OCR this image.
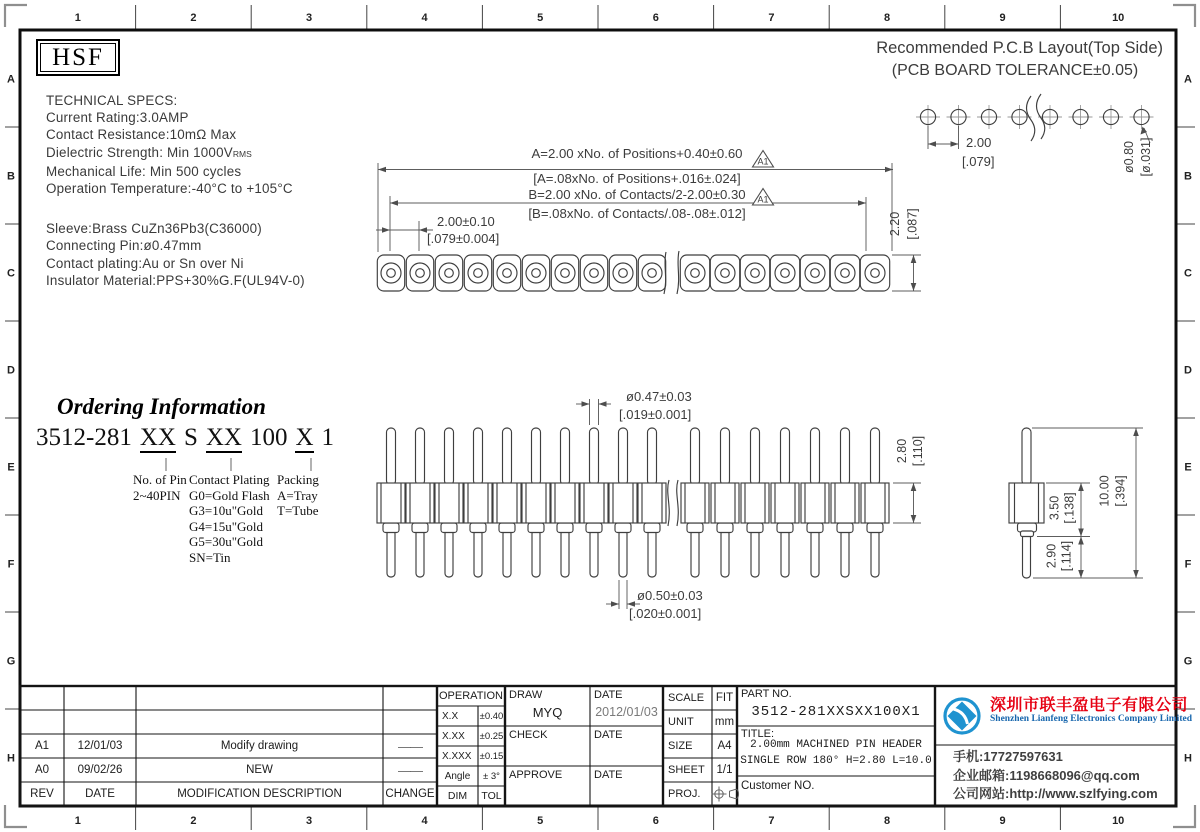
1
1
2
2
3
3
4
4
5
5
6
6
7
7
8
8
9
9
10
10
A	A
B	B
C	C
D	D
E	E
F	F
G	G
H	H
Recommended P.C.B Layout(Top Side)
(PCB BOARD TOLERANCE±0.05)
2.00
[.079]	ø0.80 [ø.031]
A=2.00 xNo. of Positions+0.40±0.60
[A=.08xNo. of Positions+.016±.024]
B=2.00 xNo. of Contacts/2-2.00±0.30
[B=.08xNo. of Contacts/.08-.08±.012]
A1
A1
2.00±0.10
[.079±0.004]
2.20 [.087]
ø0.47±0.03
[.019±0.001]
2.80 [.110]
ø0.50±0.03
[.020±0.001]
3.50 [.138]
2.90 [.114]
10.00 [.394]
HSF
TECHNICAL SPECS:
Current Rating:3.0AMP
Contact Resistance:10mΩ Max
Dielectric Strength: Min 1000VRMS
Mechanical Life: Min 500 cycles
Operation Temperature:-40°C to +105°C
Sleeve:Brass CuZn36Pb3(C36000)
Connecting Pin:ø0.47mm
Contact plating:Au or Sn over Ni
Insulator Material:PPS+30%G.F(UL94V-0)
Ordering Information
3512-281 XX S XX 100 X 1
No. of Pin
2~40PIN
Contact Plating
G0=Gold Flash
G3=10u"Gold
G4=15u"Gold
G5=30u"Gold
SN=Tin
Packing
A=Tray
T=Tube
A1	12/01/03	Modify drawing	——
A0	09/02/26	NEW	——
REV	DATE	MODIFICATION DESCRIPTION	CHANGE
OPERATION
X.X	±0.40
X.XX	±0.25
X.XXX ±0.15
Angle	± 3°
DIM	TOL
DRAW
MYQ
DATE
2012/01/03
CHECK	DATE
APPROVE	DATE
SCALE	FIT
UNIT	mm
SIZE	A4
SHEET	1/1
PROJ.
PART NO.
3512-281XXSXX100X1
TITLE:
2.00mm MACHINED PIN HEADER
SINGLE ROW 180° H=2.80 L=10.0
Customer NO.
深圳市联丰盈电子有限公司
Shenzhen Lianfeng Electronics Company Limited
手机:17727597631
企业邮箱:1198668096@qq.com
公司网站:http://www.szlfying.com
